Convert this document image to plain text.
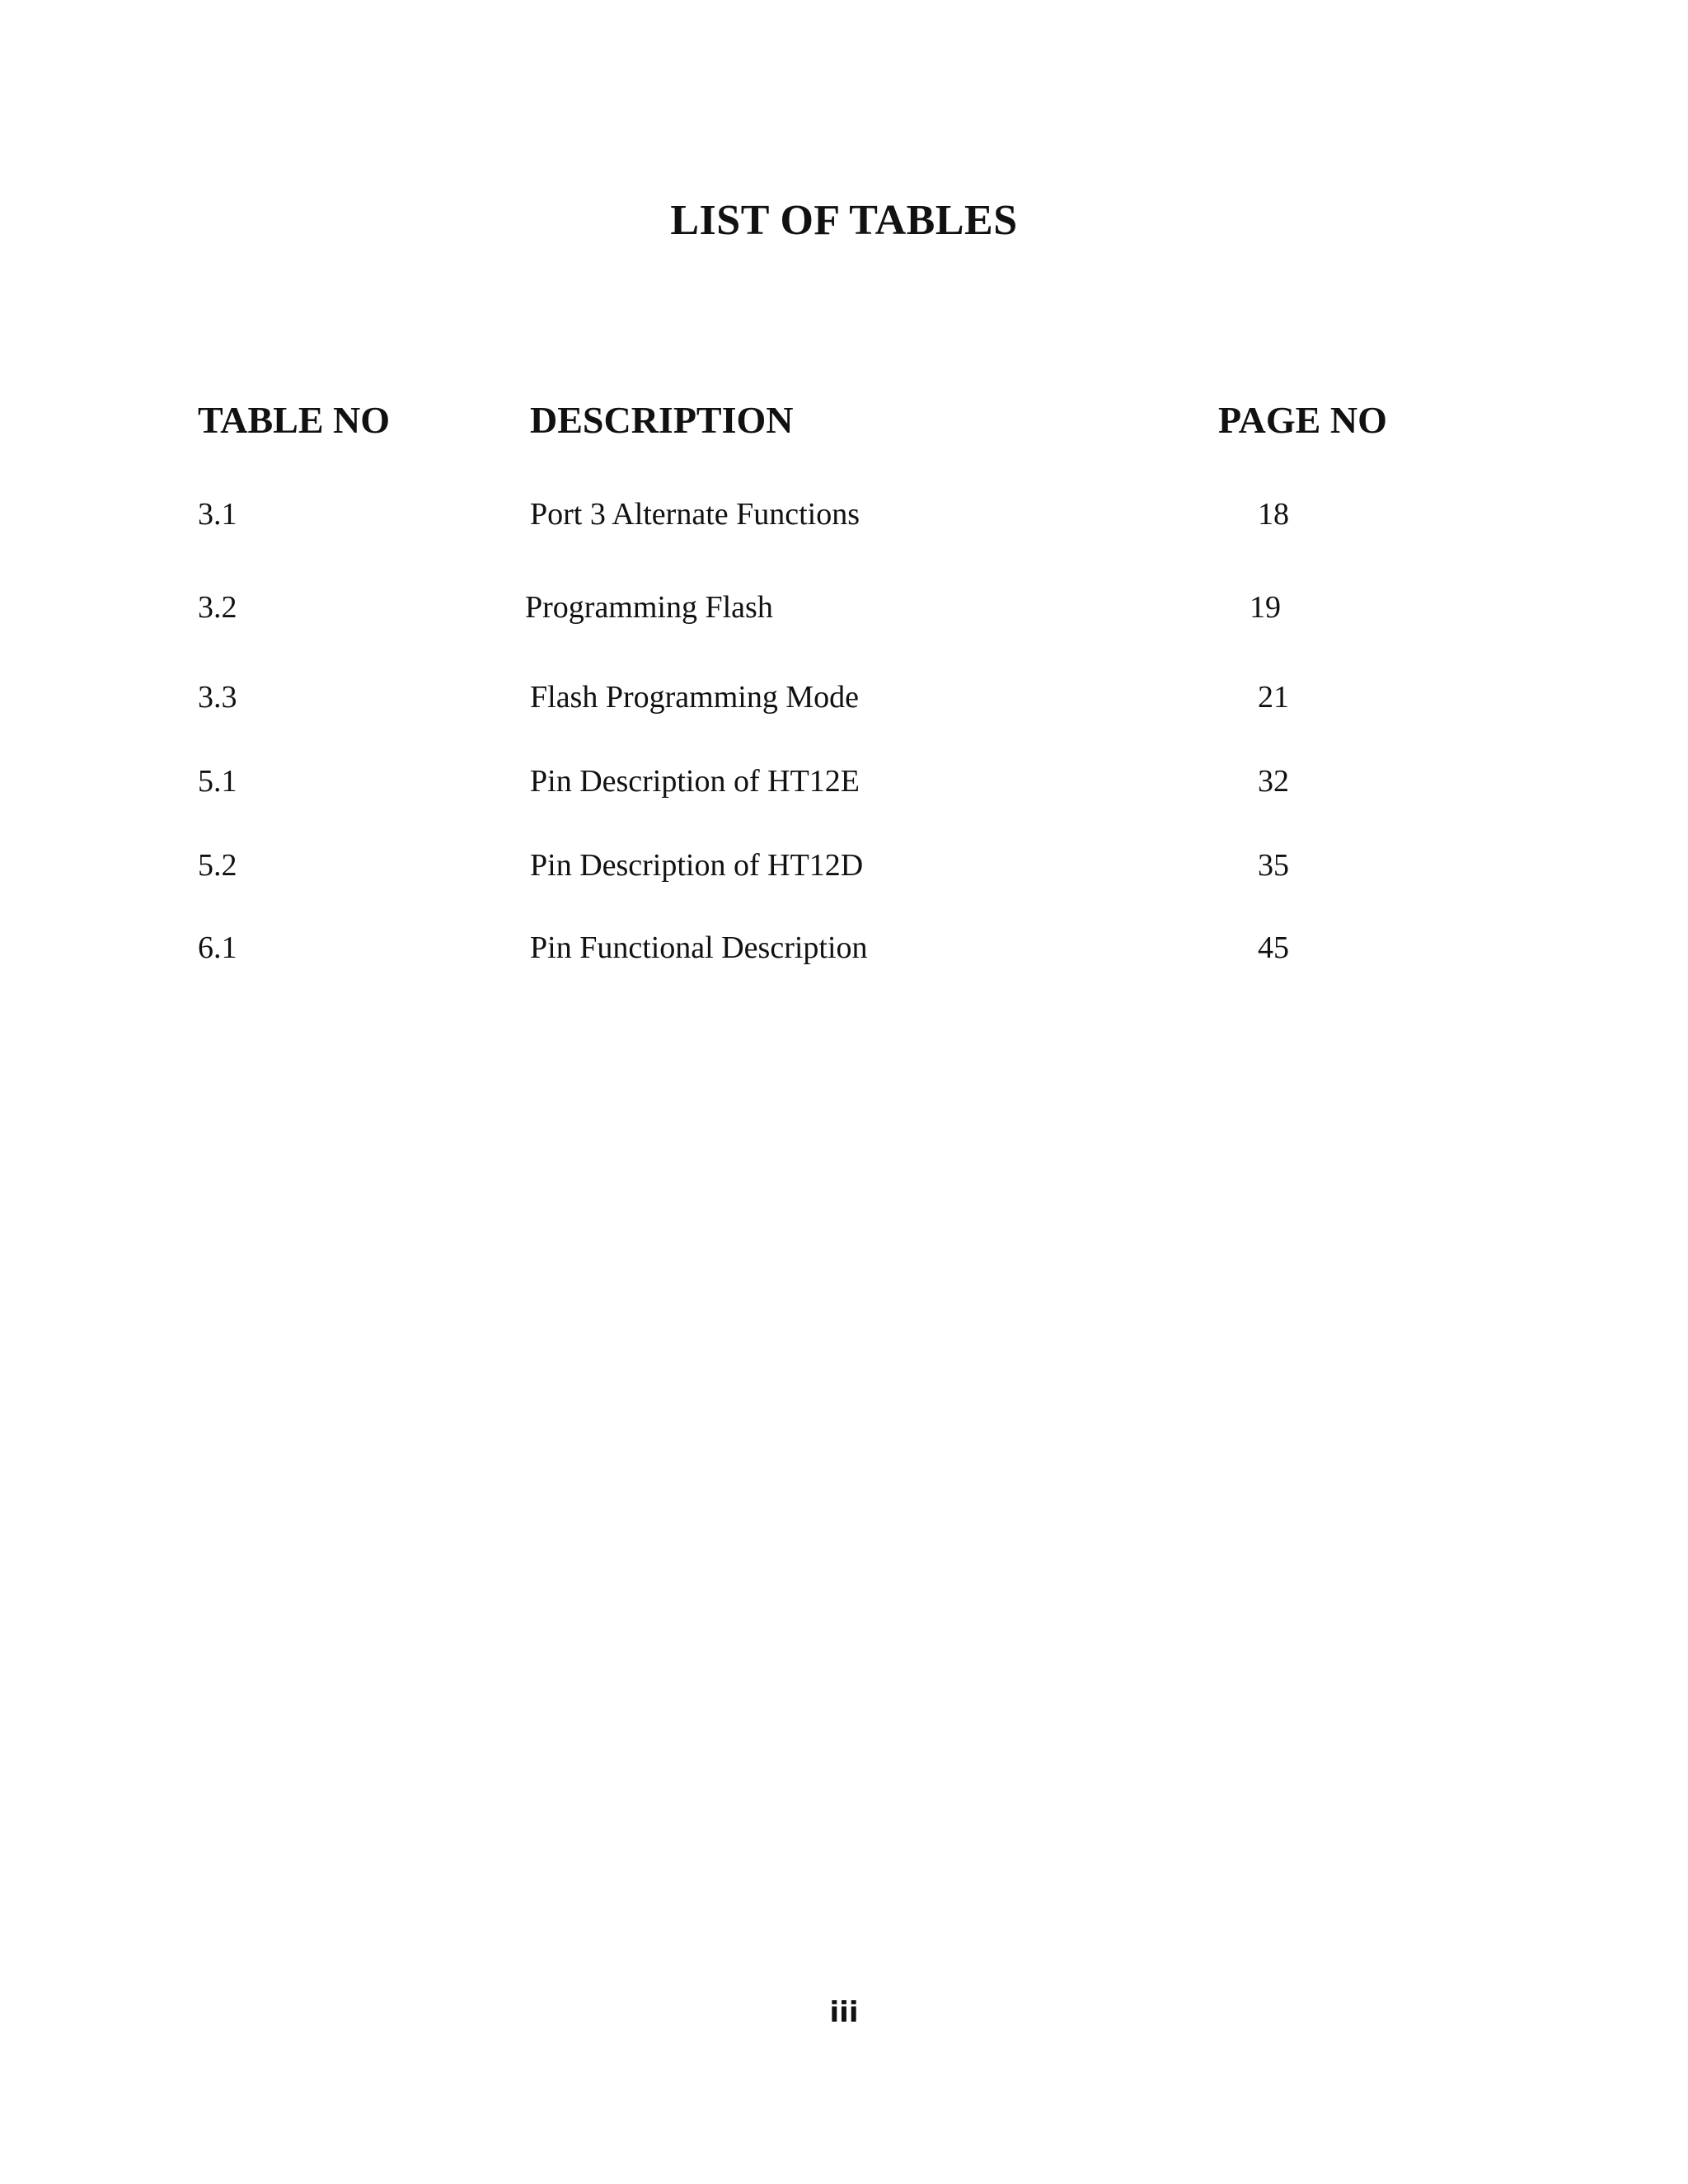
LIST OF TABLES
TABLE NO	DESCRIPTION	PAGE NO
3.1	Port 3 Alternate Functions	18
3.2	Programming Flash	19
3.3	Flash Programming Mode	21
5.1	Pin Description of HT12E	32
5.2	Pin Description of HT12D	35
6.1	Pin Functional Description	45
iii
